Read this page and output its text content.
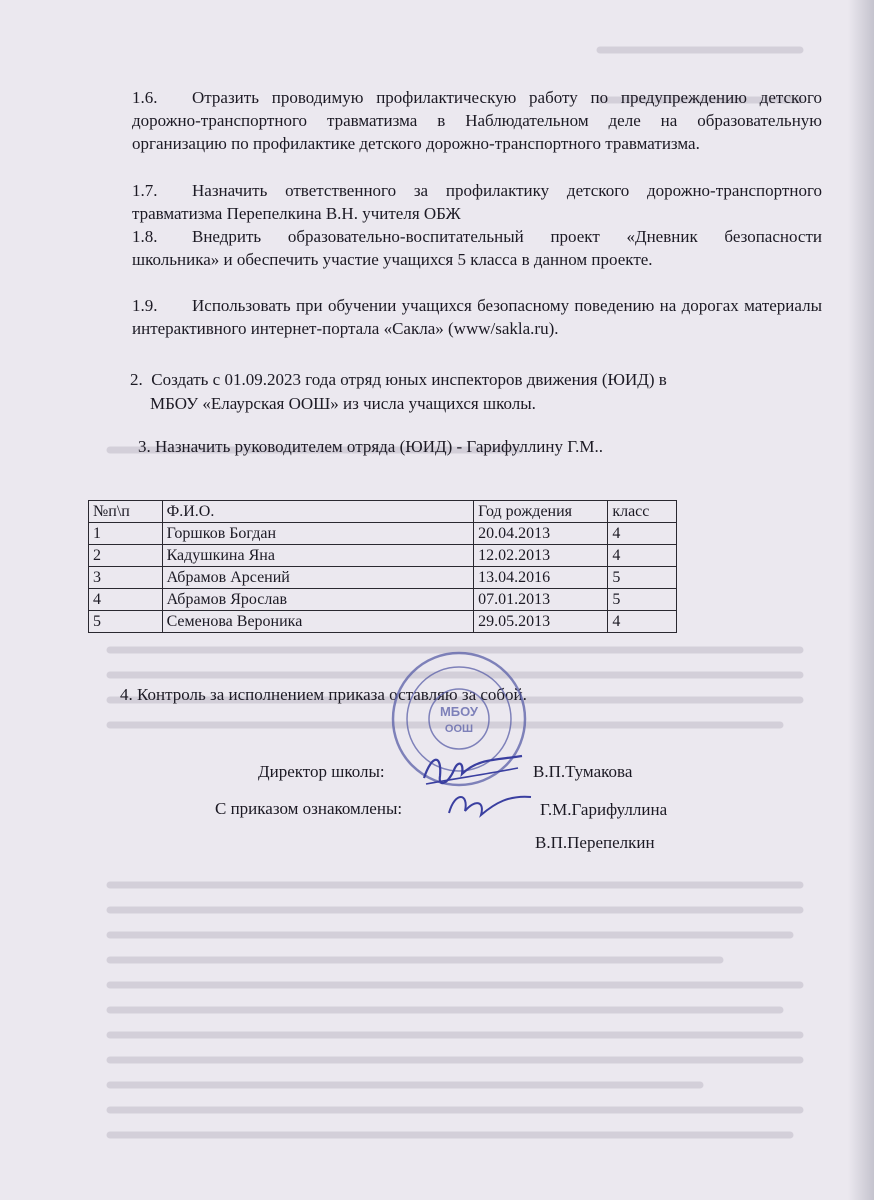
1.6. Отразить проводимую профилактическую работу по предупреждению детского дорожно-транспортного травматизма в Наблюдательном деле на образовательную организацию по профилактике детского дорожно-транспортного травматизма.
1.7. Назначить ответственного за профилактику детского дорожно-транспортного травматизма Перепелкина В.Н. учителя ОБЖ
1.8. Внедрить образовательно-воспитательный проект «Дневник безопасности школьника» и обеспечить участие учащихся 5 класса в данном проекте.
1.9. Использовать при обучении учащихся безопасному поведению на дорогах материалы интерактивного интернет-портала «Сакла» (www/sakla.ru).
2. Создать с 01.09.2023 года отряд юных инспекторов движения (ЮИД) в
МБОУ «Елаурская ООШ» из числа учащихся школы.
3. Назначить руководителем отряда (ЮИД) - Гарифуллину Г.М..
№п\п	Ф.И.О.	Год рождения	класс
1	Горшков Богдан	20.04.2013	4
2	Кадушкина Яна	12.02.2013	4
3	Абрамов Арсений	13.04.2016	5
4	Абрамов Ярослав	07.01.2013	5
5	Семенова Вероника	29.05.2013	4
4. Контроль за исполнением приказа оставляю за собой.
МБОУ
ООШ
Директор школы:	В.П.Тумакова
С приказом ознакомлены:	Г.М.Гарифуллина
В.П.Перепелкин
